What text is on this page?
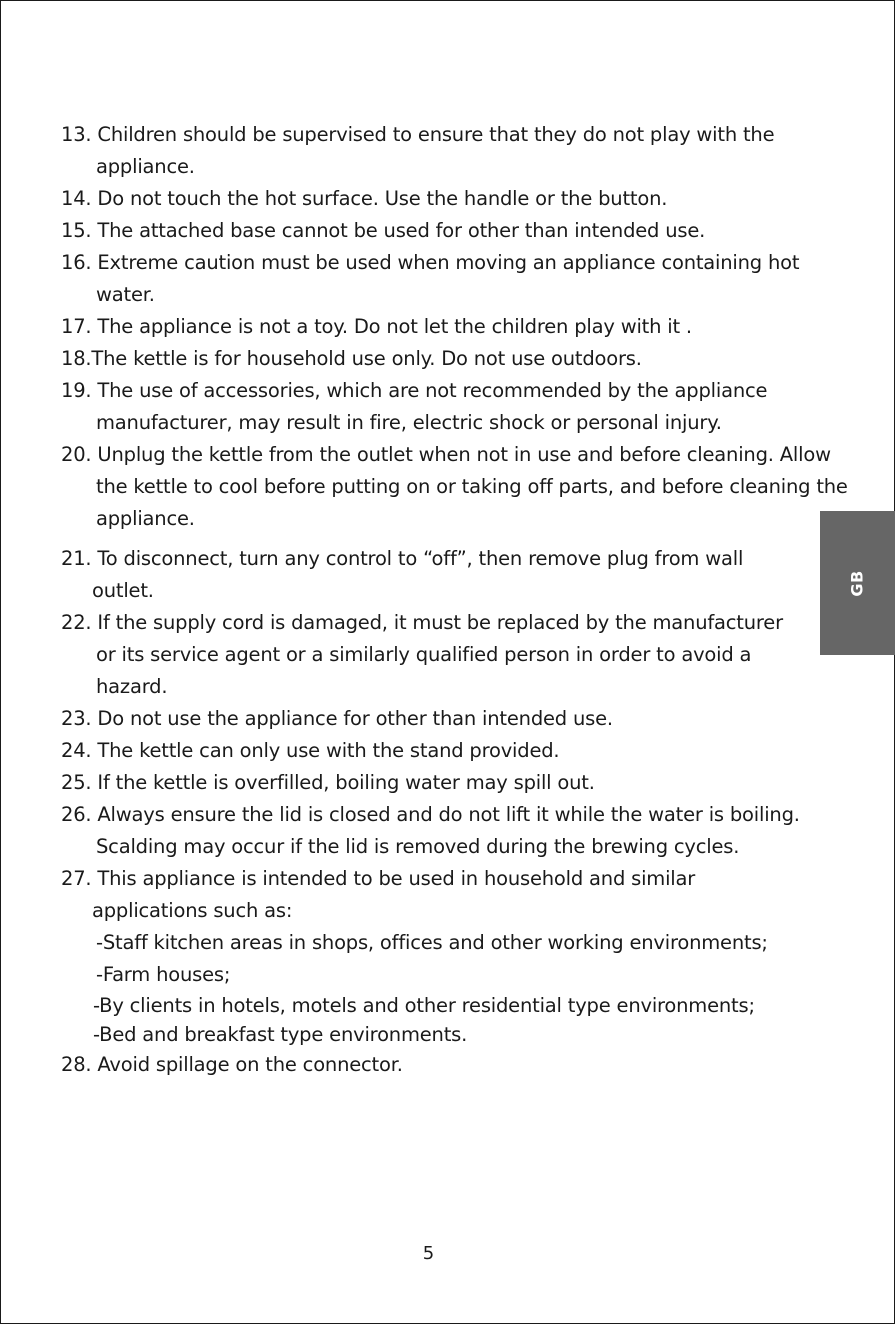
13. Children should be supervised to ensure that they do not play with the
appliance.
14. Do not touch the hot surface. Use the handle or the button.
15. The attached base cannot be used for other than intended use.
16. Extreme caution must be used when moving an appliance containing hot
water.
17. The appliance is not a toy. Do not let the children play with it .
18.The kettle is for household use only. Do not use outdoors.
19. The use of accessories, which are not recommended by the appliance
manufacturer, may result in fire, electric shock or personal injury.
20. Unplug the kettle from the outlet when not in use and before cleaning. Allow
the kettle to cool before putting on or taking off parts, and before cleaning the
appliance.
21. To disconnect, turn any control to “off”, then remove plug from wall
outlet.
22. If the supply cord is damaged, it must be replaced by the manufacturer
or its service agent or a similarly qualified person in order to avoid a
hazard.
23. Do not use the appliance for other than intended use.
24. The kettle can only use with the stand provided.
25. If the kettle is overfilled, boiling water may spill out.
26. Always ensure the lid is closed and do not lift it while the water is boiling.
Scalding may occur if the lid is removed during the brewing cycles.
27. This appliance is intended to be used in household and similar
applications such as:
-Staff kitchen areas in shops, offices and other working environments;
-Farm houses;
-By clients in hotels, motels and other residential type environments;
-Bed and breakfast type environments.
28. Avoid spillage on the connector.
GB
5
